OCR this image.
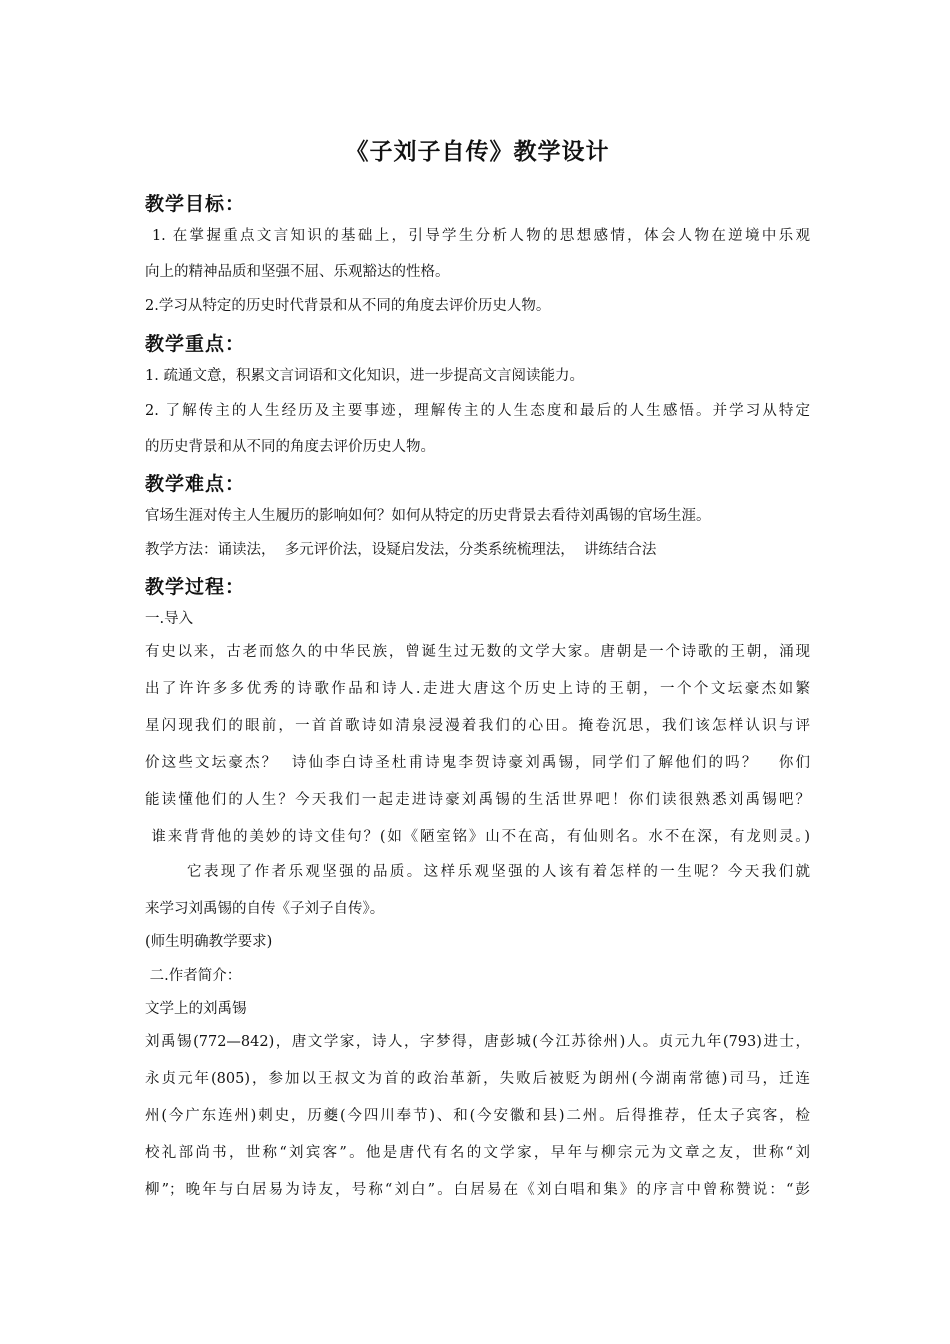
《子刘子自传》教学设计
教学目标：
1. 在掌握重点文言知识的基础上，引导学生分析人物的思想感情，体会人物在逆境中乐观
向上的精神品质和坚强不屈、乐观豁达的性格。
2.学习从特定的历史时代背景和从不同的角度去评价历史人物。
教学重点：
1. 疏通文意，积累文言词语和文化知识，进一步提高文言阅读能力。
2. 了解传主的人生经历及主要事迹，理解传主的人生态度和最后的人生感悟。并学习从特定
的历史背景和从不同的角度去评价历史人物。
教学难点：
官场生涯对传主人生履历的影响如何？如何从特定的历史背景去看待刘禹锡的官场生涯。
教学方法：诵读法，  多元评价法，设疑启发法，分类系统梳理法，  讲练结合法
教学过程：
一.导入
有史以来，古老而悠久的中华民族，曾诞生过无数的文学大家。唐朝是一个诗歌的王朝，涌现
出了许许多多优秀的诗歌作品和诗人.走进大唐这个历史上诗的王朝，一个个文坛豪杰如繁
星闪现我们的眼前，一首首歌诗如清泉浸漫着我们的心田。掩卷沉思，我们该怎样认识与评
价这些文坛豪杰？  诗仙李白诗圣杜甫诗鬼李贺诗豪刘禹锡，同学们了解他们的吗？   你们
能读懂他们的人生？今天我们一起走进诗豪刘禹锡的生活世界吧！你们读很熟悉刘禹锡吧？
谁来背背他的美妙的诗文佳句？(如《陋室铭》山不在高，有仙则名。水不在深，有龙则灵。)
它表现了作者乐观坚强的品质。这样乐观坚强的人该有着怎样的一生呢？今天我们就
来学习刘禹锡的自传《子刘子自传》。
(师生明确教学要求)
二.作者简介：
文学上的刘禹锡
刘禹锡(772—842)，唐文学家，诗人，字梦得，唐彭城(今江苏徐州)人。贞元九年(793)进士，
永贞元年(805)，参加以王叔文为首的政治革新，失败后被贬为朗州(今湖南常德)司马，迁连
州(今广东连州)刺史，历夔(今四川奉节)、和(今安徽和县)二州。后得推荐，任太子宾客，检
校礼部尚书，世称“刘宾客”。他是唐代有名的文学家，早年与柳宗元为文章之友，世称“刘
柳”；晚年与白居易为诗友，号称“刘白”。白居易在《刘白唱和集》的序言中曾称赞说：“彭
